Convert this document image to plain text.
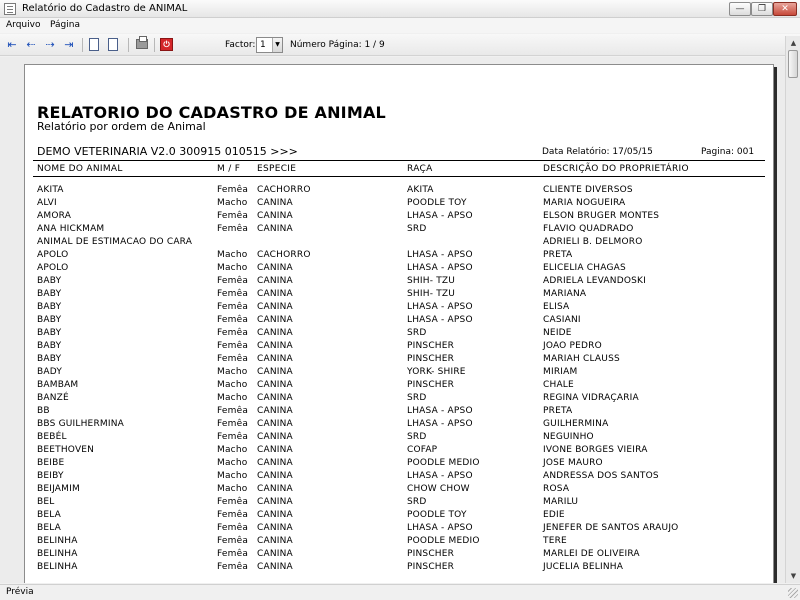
Relatório do Cadastro de ANIMAL	—	❐	✕
Arquivo Página
⇤ ⇠ ⇢ ⇥	⏻	Factor: 1	▼ Número Página: 1 / 9
RELATORIO DO CADASTRO DE ANIMAL
Relatório por ordem de Animal
DEMO VETERINARIA V2.0 300915 010515 >>>	Data Relatório: 17/05/15	Pagina: 001
NOME DO ANIMAL	M / F ESPECIE	RAÇA	DESCRIÇÃO DO PROPRIETÁRIO
AKITA	Femêa CACHORRO	AKITA	CLIENTE DIVERSOS
ALVI	Macho CANINA	POODLE TOY	MARIA NOGUEIRA
AMORA	Femêa CANINA	LHASA - APSO	ELSON BRUGER MONTES
ANA HICKMAM	Femêa CANINA	SRD	FLAVIO QUADRADO
ANIMAL DE ESTIMACAO DO CARA	ADRIELI B. DELMORO
APOLO	Macho CACHORRO	LHASA - APSO	PRETA
APOLO	Macho CANINA	LHASA - APSO	ELICELIA CHAGAS
BABY	Femêa CANINA	SHIH- TZU	ADRIELA LEVANDOSKI
BABY	Femêa CANINA	SHIH- TZU	MARIANA
BABY	Femêa CANINA	LHASA - APSO	ELISA
BABY	Femêa CANINA	LHASA - APSO	CASIANI
BABY	Femêa CANINA	SRD	NEIDE
BABY	Femêa CANINA	PINSCHER	JOAO PEDRO
BABY	Femêa CANINA	PINSCHER	MARIAH CLAUSS
BADY	Macho CANINA	YORK- SHIRE	MIRIAM
BAMBAM	Macho CANINA	PINSCHER	CHALE
BANZÉ	Macho CANINA	SRD	REGINA VIDRAÇARIA
BB	Femêa CANINA	LHASA - APSO	PRETA
BBS GUILHERMINA	Femêa CANINA	LHASA - APSO	GUILHERMINA
BEBÉL	Femêa CANINA	SRD	NEGUINHO
BEETHOVEN	Macho CANINA	COFAP	IVONE BORGES VIEIRA
BEIBE	Macho CANINA	POODLE MEDIO	JOSE MAURO
BEIBY	Macho CANINA	LHASA - APSO	ANDRESSA DOS SANTOS
BEIJAMIM	Macho CANINA	CHOW CHOW	ROSA
BEL	Femêa CANINA	SRD	MARILU
BELA	Femêa CANINA	POODLE TOY	EDIE
BELA	Femêa CANINA	LHASA - APSO	JENEFER DE SANTOS ARAUJO
BELINHA	Femêa CANINA	POODLE MEDIO	TERE
BELINHA	Femêa CANINA	PINSCHER	MARLEI DE OLIVEIRA
BELINHA	Femêa CANINA	PINSCHER	JUCELIA BELINHA
▲
▼
Prévia
